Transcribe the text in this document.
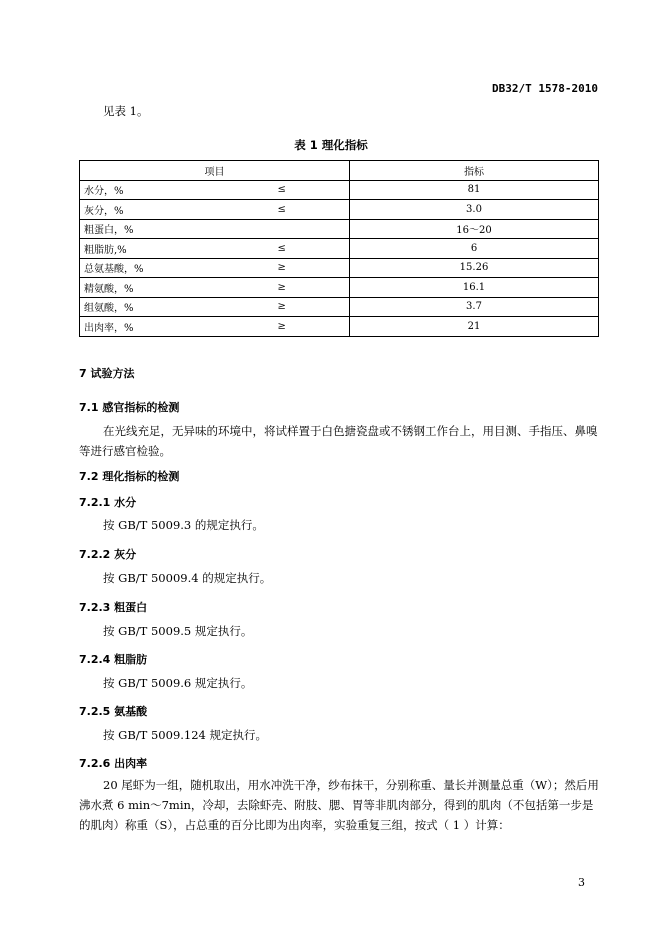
DB32/T 1578-2010
见表 1。
表 1 理化指标
项目		指标
水分，%	≤	81
灰分，%	≤	3.0
粗蛋白，%		16～20
粗脂肪,%	≤	6
总氨基酸，%	≥	15.26
精氨酸，%	≥	16.1
组氨酸，%	≥	3.7
出肉率，%	≥	21
7 试验方法
7.1 感官指标的检测
在光线充足，无异味的环境中，将试样置于白色搪瓷盘或不锈钢工作台上，用目测、手指压、鼻嗅等进行感官检验。
7.2 理化指标的检测
7.2.1 水分
按 GB/T 5009.3 的规定执行。
7.2.2 灰分
按 GB/T 50009.4 的规定执行。
7.2.3 粗蛋白
按 GB/T 5009.5 规定执行。
7.2.4 粗脂肪
按 GB/T 5009.6 规定执行。
7.2.5 氨基酸
按 GB/T 5009.124 规定执行。
7.2.6 出肉率
20 尾虾为一组，随机取出，用水冲洗干净，纱布抹干，分别称重、量长并测量总重（W）；然后用沸水煮 6 min～7min，冷却，去除虾壳、附肢、腮、胃等非肌肉部分，得到的肌肉（不包括第一步是的肌肉）称重（S），占总重的百分比即为出肉率，实验重复三组，按式（ 1 ）计算：
3
